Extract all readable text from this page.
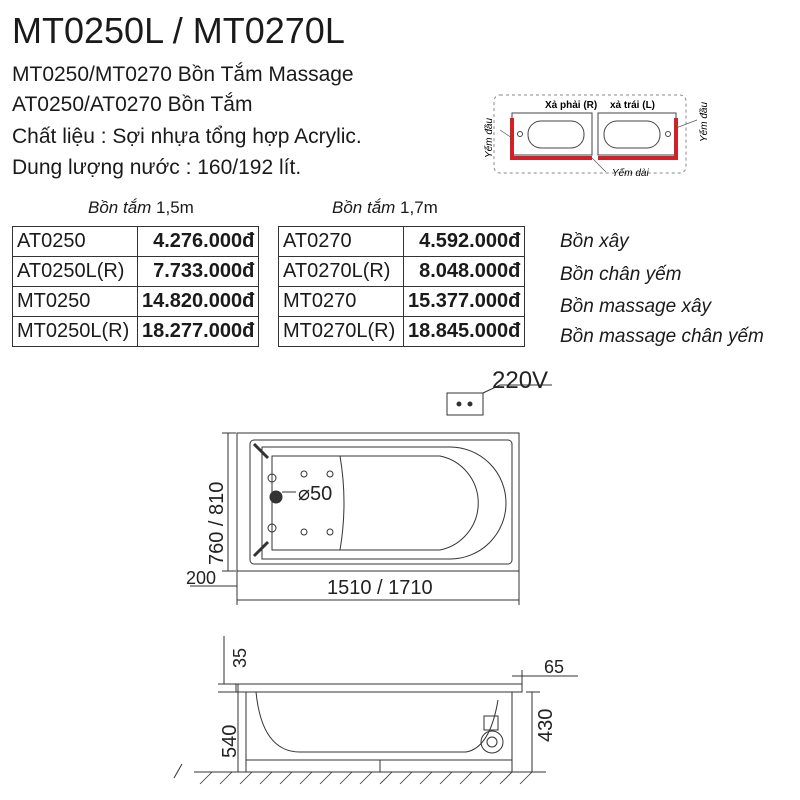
MT0250L / MT0270L
MT0250/MT0270 Bồn Tắm Massage
AT0250/AT0270 Bồn Tắm
Chất liệu : Sợi nhựa tổng hợp Acrylic.
Dung lượng nước : 160/192 lít.
Bồn tắm 1,5m	Bồn tắm 1,7m
AT0250	4.276.000đ
AT0250L(R)	7.733.000đ
MT0250	14.820.000đ
MT0250L(R)	18.277.000đ
AT0270	4.592.000đ
AT0270L(R)	8.048.000đ
MT0270	15.377.000đ
MT0270L(R)	18.845.000đ
Bồn xây
Bồn chân yếm
Bồn massage xây
Bồn massage chân yếm
Xả phải (R) xả trái (L)
Yếm đầu	Yếm đầu
Yếm dài
220V
⌀50
760 / 810
200	1510 / 1710
35
540
65
430
